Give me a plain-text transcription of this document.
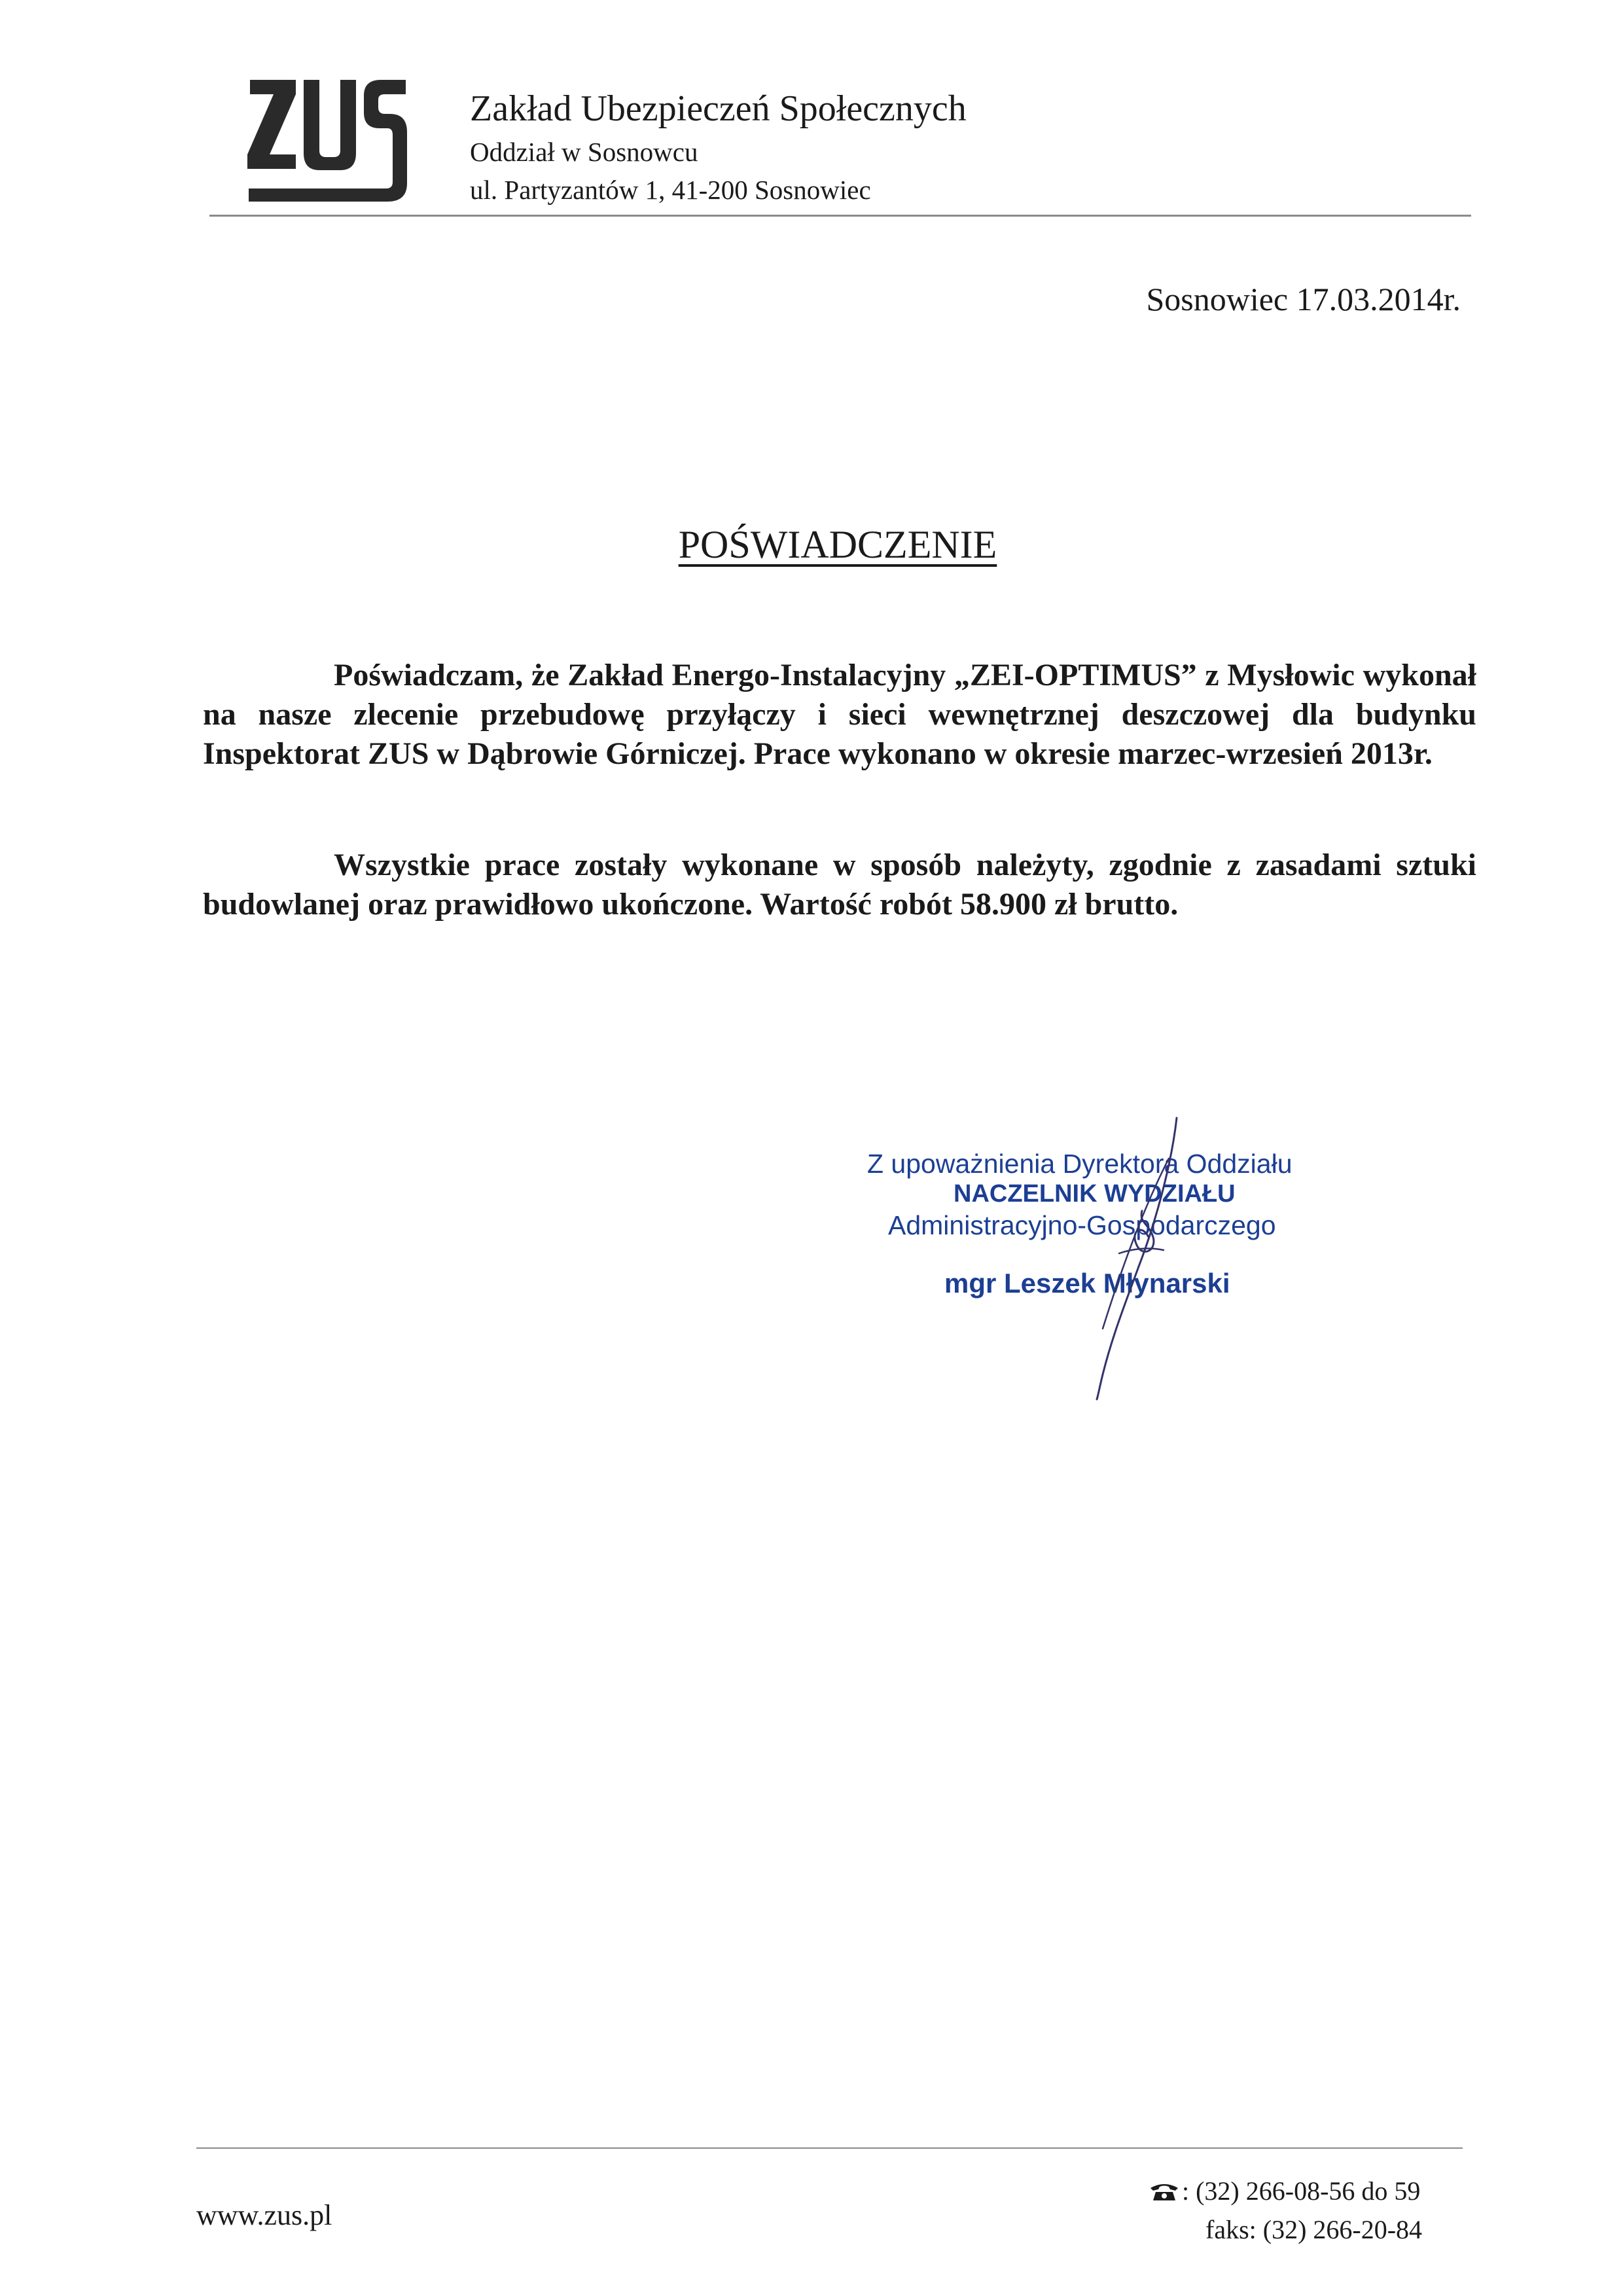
Zakład Ubezpieczeń Społecznych
Oddział w Sosnowcu
ul. Partyzantów 1, 41-200 Sosnowiec
Sosnowiec 17.03.2014r.
POŚWIADCZENIE

Poświadczam, że Zakład Energo-Instalacyjny „ZEI-OPTIMUS” z Mysłowic wykonał na nasze zlecenie przebudowę przyłączy i sieci wewnętrznej deszczowej dla budynku Inspektorat ZUS w Dąbrowie Górniczej. Prace wykonano w okresie marzec-wrzesień 2013r.

Wszystkie prace zostały wykonane w sposób należyty, zgodnie z zasadami sztuki budowlanej oraz prawidłowo ukończone. Wartość robót 58.900 zł brutto.

Z upoważnienia Dyrektora Oddziału
NACZELNIK WYDZIAŁU
Administracyjno-Gospodarczego
mgr Leszek Młynarski
www.zus.pl
: (32) 266-08-56 do 59
faks: (32) 266-20-84
